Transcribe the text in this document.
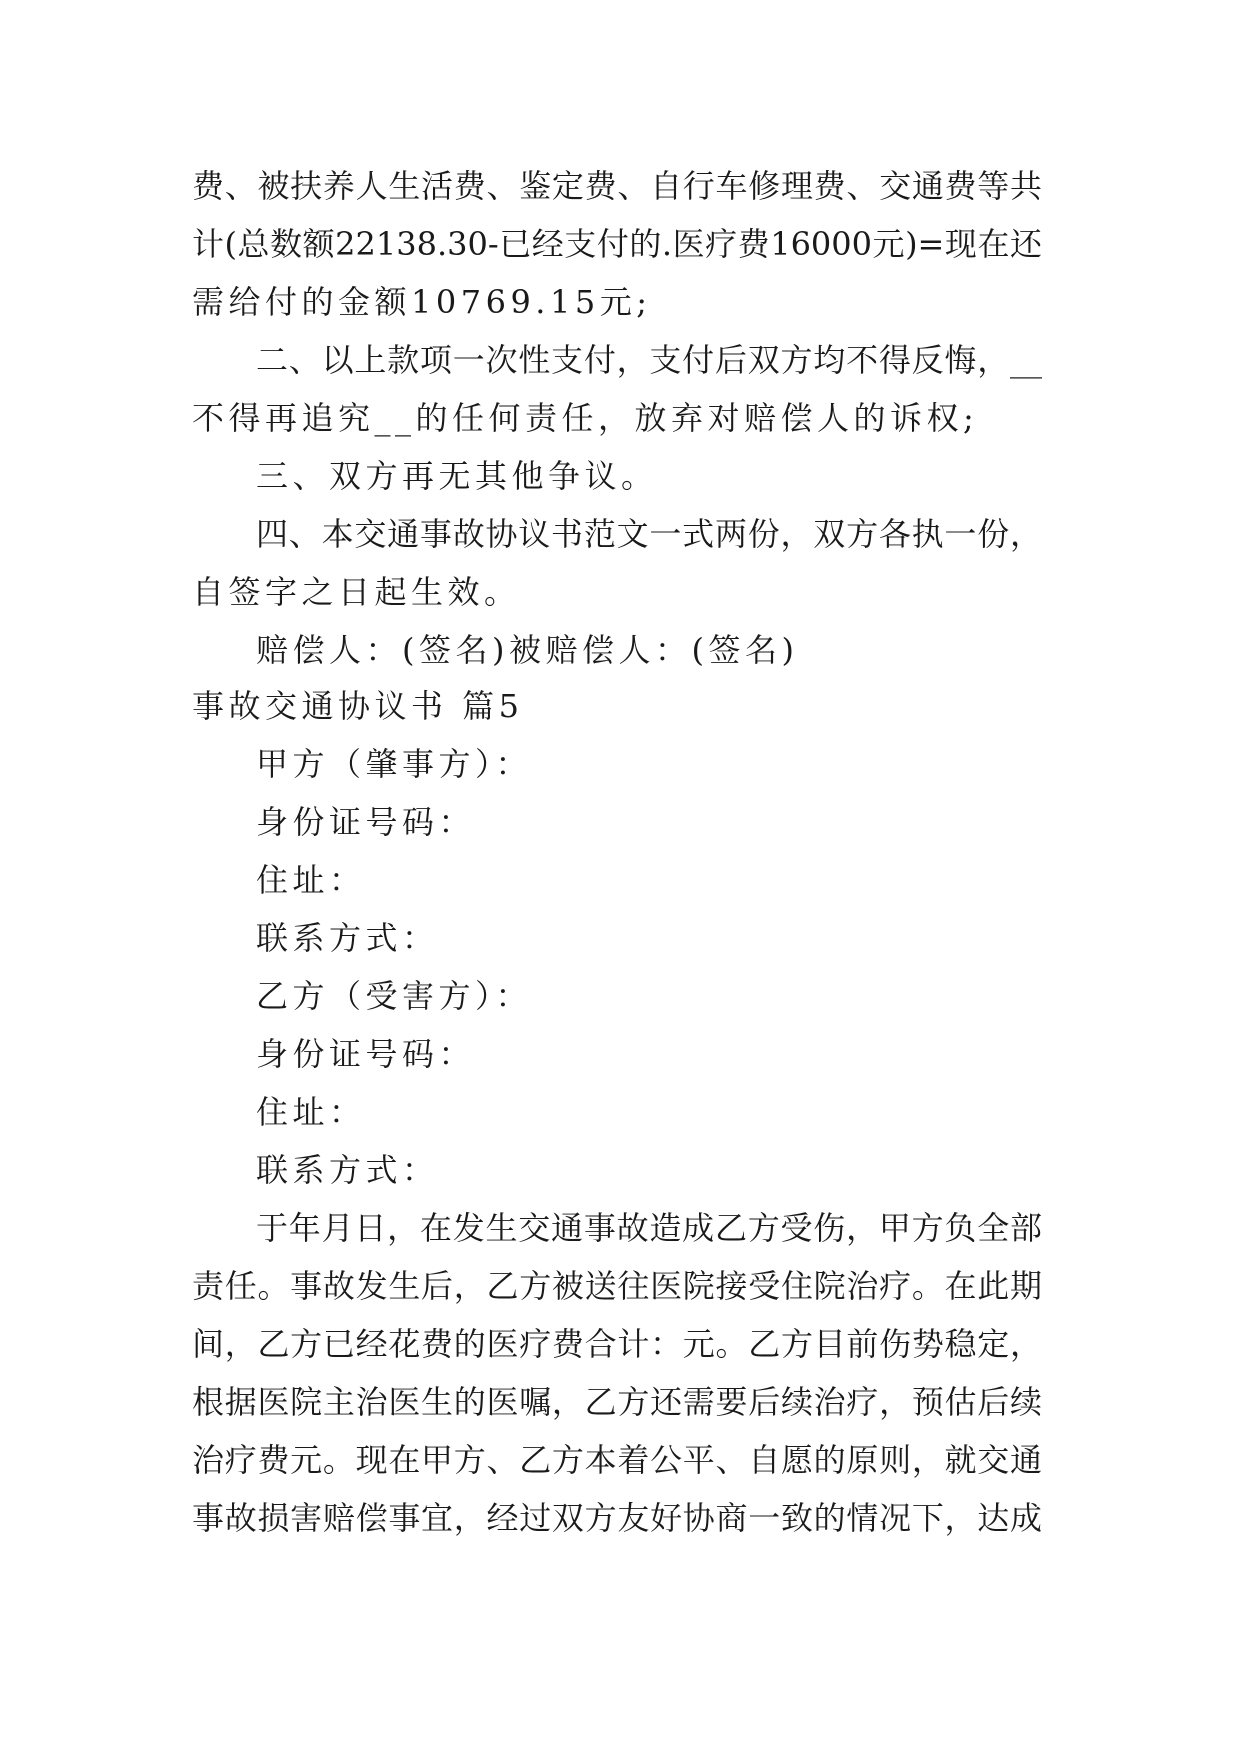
费、被扶养人生活费、鉴定费、自行车修理费、交通费等共
计(总数额22138.30-已经支付的.医疗费16000元)=现在还
需给付的金额10769.15元;
二、以上款项一次性支付，支付后双方均不得反悔，__
不得再追究__的任何责任，放弃对赔偿人的诉权;
三、双方再无其他争议。
四、本交通事故协议书范文一式两份，双方各执一份，
自签字之日起生效。
赔偿人：(签名)被赔偿人：(签名)
事故交通协议书 篇5
甲方（肇事方）：
身份证号码：
住址：
联系方式：
乙方（受害方）：
身份证号码：
住址：
联系方式：
于年月日，在发生交通事故造成乙方受伤，甲方负全部
责任。事故发生后，乙方被送往医院接受住院治疗。在此期
间，乙方已经花费的医疗费合计：元。乙方目前伤势稳定，
根据医院主治医生的医嘱，乙方还需要后续治疗，预估后续
治疗费元。现在甲方、乙方本着公平、自愿的原则，就交通
事故损害赔偿事宜，经过双方友好协商一致的情况下，达成
